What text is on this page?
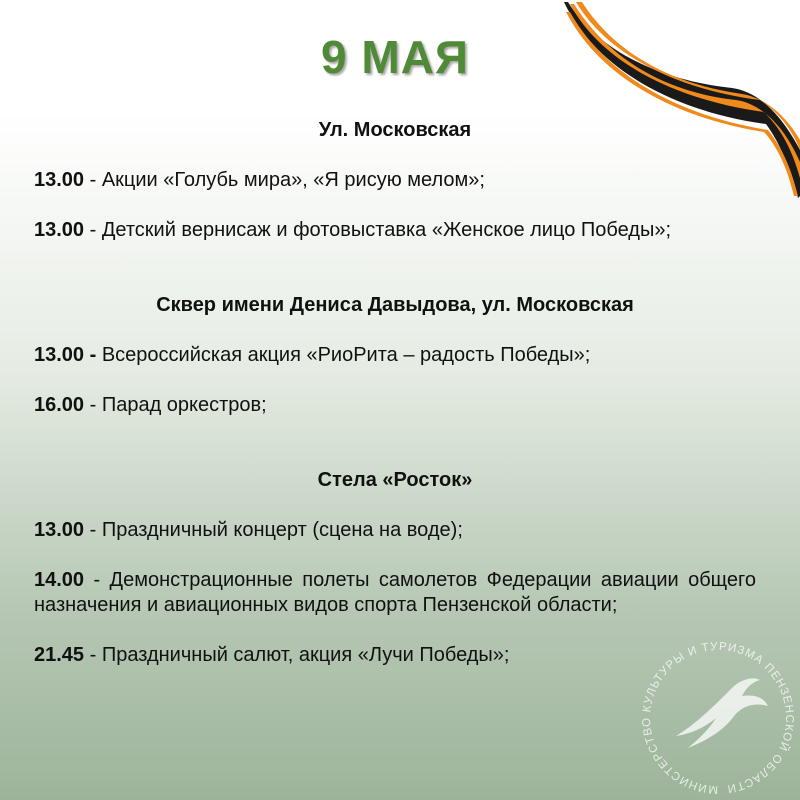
9 МАЯ

Ул. Московская

13.00 - Акции «Голубь мира», «Я рисую мелом»;

13.00 - Детский вернисаж и фотовыставка «Женское лицо Победы»;

Сквер имени Дениса Давыдова, ул. Московская

13.00 - Всероссийская акция «РиоРита – радость Победы»;

16.00 - Парад оркестров;

Стела «Росток»

13.00 - Праздничный концерт (сцена на воде);

14.00 - Демонстрационные полеты самолетов Федерации авиации общего назначения и авиационных видов спорта Пензенской области;

21.45 - Праздничный салют, акция «Лучи Победы»;

МИНИСТЕРСТВО КУЛЬТУРЫ И ТУРИЗМА ПЕНЗЕНСКОЙ ОБЛАСТИ
